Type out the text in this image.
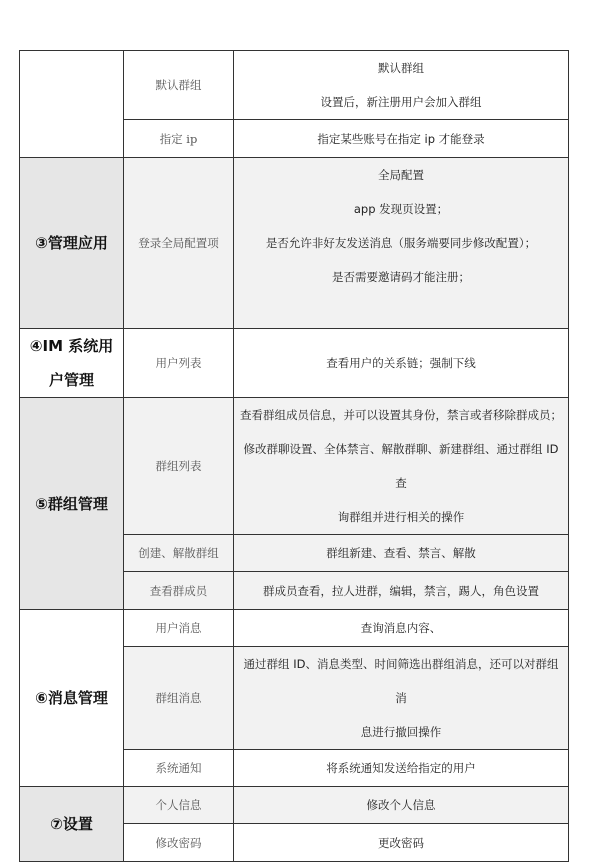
	默认群组	默认群组
设置后，新注册用户会加入群组

	指定 ip	指定某些账号在指定 ip 才能登录
③管理应用	登录全局配置项	全局配置
app 发现页设置；
是否允许非好友发送消息（服务端要同步修改配置）；
是否需要邀请码才能注册；

④IM 系统用
户管理	用户列表	查看用户的关系链；强制下线
⑤群组管理	群组列表	查看群组成员信息，并可以设置其身份，禁言或者移除群成员；
修改群聊设置、全体禁言、解散群聊、新建群组、通过群组 ID 查
询群组并进行相关的操作

	创建、解散群组	群组新建、查看、禁言、解散
	查看群成员	群成员查看，拉人进群，编辑，禁言，踢人，角色设置
⑥消息管理	用户消息	查询消息内容、
	群组消息	通过群组 ID、消息类型、时间筛选出群组消息，还可以对群组消
息进行撤回操作

	系统通知	将系统通知发送给指定的用户
⑦设置	个人信息	修改个人信息
	修改密码	更改密码
